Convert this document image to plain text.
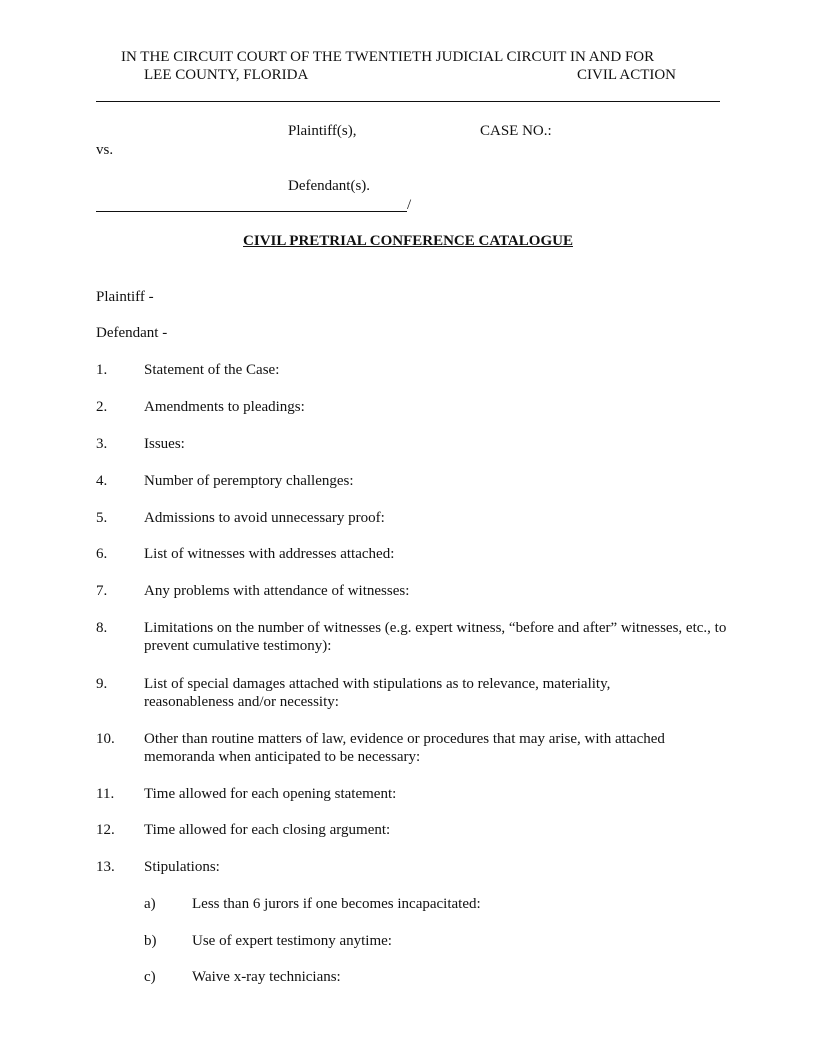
IN THE CIRCUIT COURT OF THE TWENTIETH JUDICIAL CIRCUIT IN AND FOR
LEE COUNTY, FLORIDA	CIVIL ACTION
Plaintiff(s),	CASE NO.:
vs.
Defendant(s).
/
CIVIL PRETRIAL CONFERENCE CATALOGUE
Plaintiff -
Defendant -
1. Statement of the Case:
2. Amendments to pleadings:
3. Issues:
4. Number of peremptory challenges:
5. Admissions to avoid unnecessary proof:
6. List of witnesses with addresses attached:
7. Any problems with attendance of witnesses:
8. Limitations on the number of witnesses (e.g. expert witness, “before and after” witnesses, etc., to prevent cumulative testimony):
9. List of special damages attached with stipulations as to relevance, materiality, reasonableness and/or necessity:
10. Other than routine matters of law, evidence or procedures that may arise, with attached memoranda when anticipated to be necessary:
11. Time allowed for each opening statement:
12. Time allowed for each closing argument:
13. Stipulations:
a) Less than 6 jurors if one becomes incapacitated:
b) Use of expert testimony anytime:
c) Waive x-ray technicians:
